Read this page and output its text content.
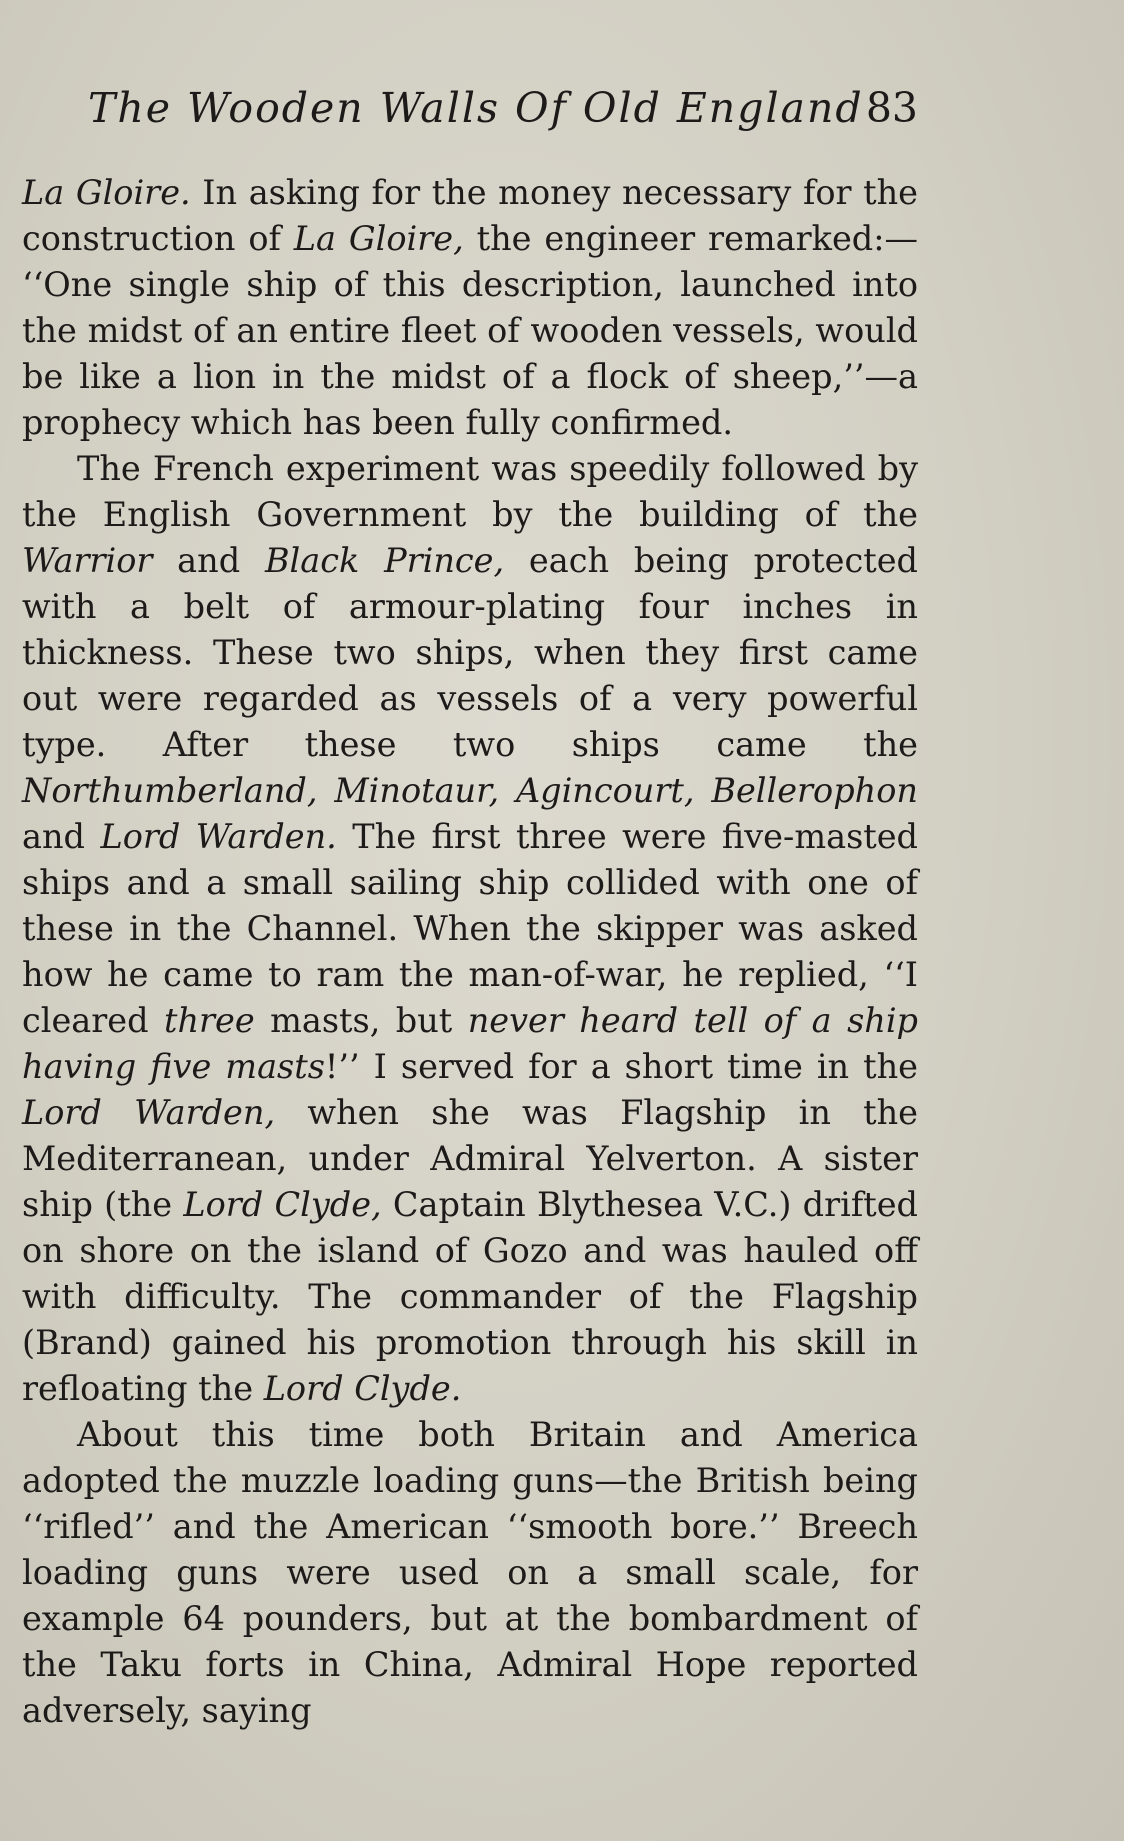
The Wooden Walls Of Old England 83

La Gloire. In asking for the money necessary for the construction of La Gloire, the engineer remarked:— ‘‘One single ship of this description, launched into the midst of an entire fleet of wooden vessels, would be like a lion in the midst of a flock of sheep,’’—a prophecy which has been fully confirmed.

The French experiment was speedily followed by the English Government by the building of the Warrior and Black Prince, each being protected with a belt of armour-plating four inches in thickness. These two ships, when they first came out were regarded as vessels of a very powerful type. After these two ships came the Northumberland, Minotaur, Agincourt, Bellerophon and Lord Warden. The first three were five-masted ships and a small sailing ship collided with one of these in the Channel. When the skipper was asked how he came to ram the man-of-war, he replied, ‘‘I cleared three masts, but never heard tell of a ship having five masts!’’ I served for a short time in the Lord Warden, when she was Flagship in the Mediterranean, under Admiral Yelverton. A sister ship (the Lord Clyde, Captain Blythesea V.C.) drifted on shore on the island of Gozo and was hauled off with difficulty. The commander of the Flagship (Brand) gained his promotion through his skill in refloating the Lord Clyde.

About this time both Britain and America adopted the muzzle loading guns—the British being ‘‘rifled’’ and the American ‘‘smooth bore.’’ Breech loading guns were used on a small scale, for example 64 pounders, but at the bombardment of the Taku forts in China, Admiral Hope reported adversely, saying
